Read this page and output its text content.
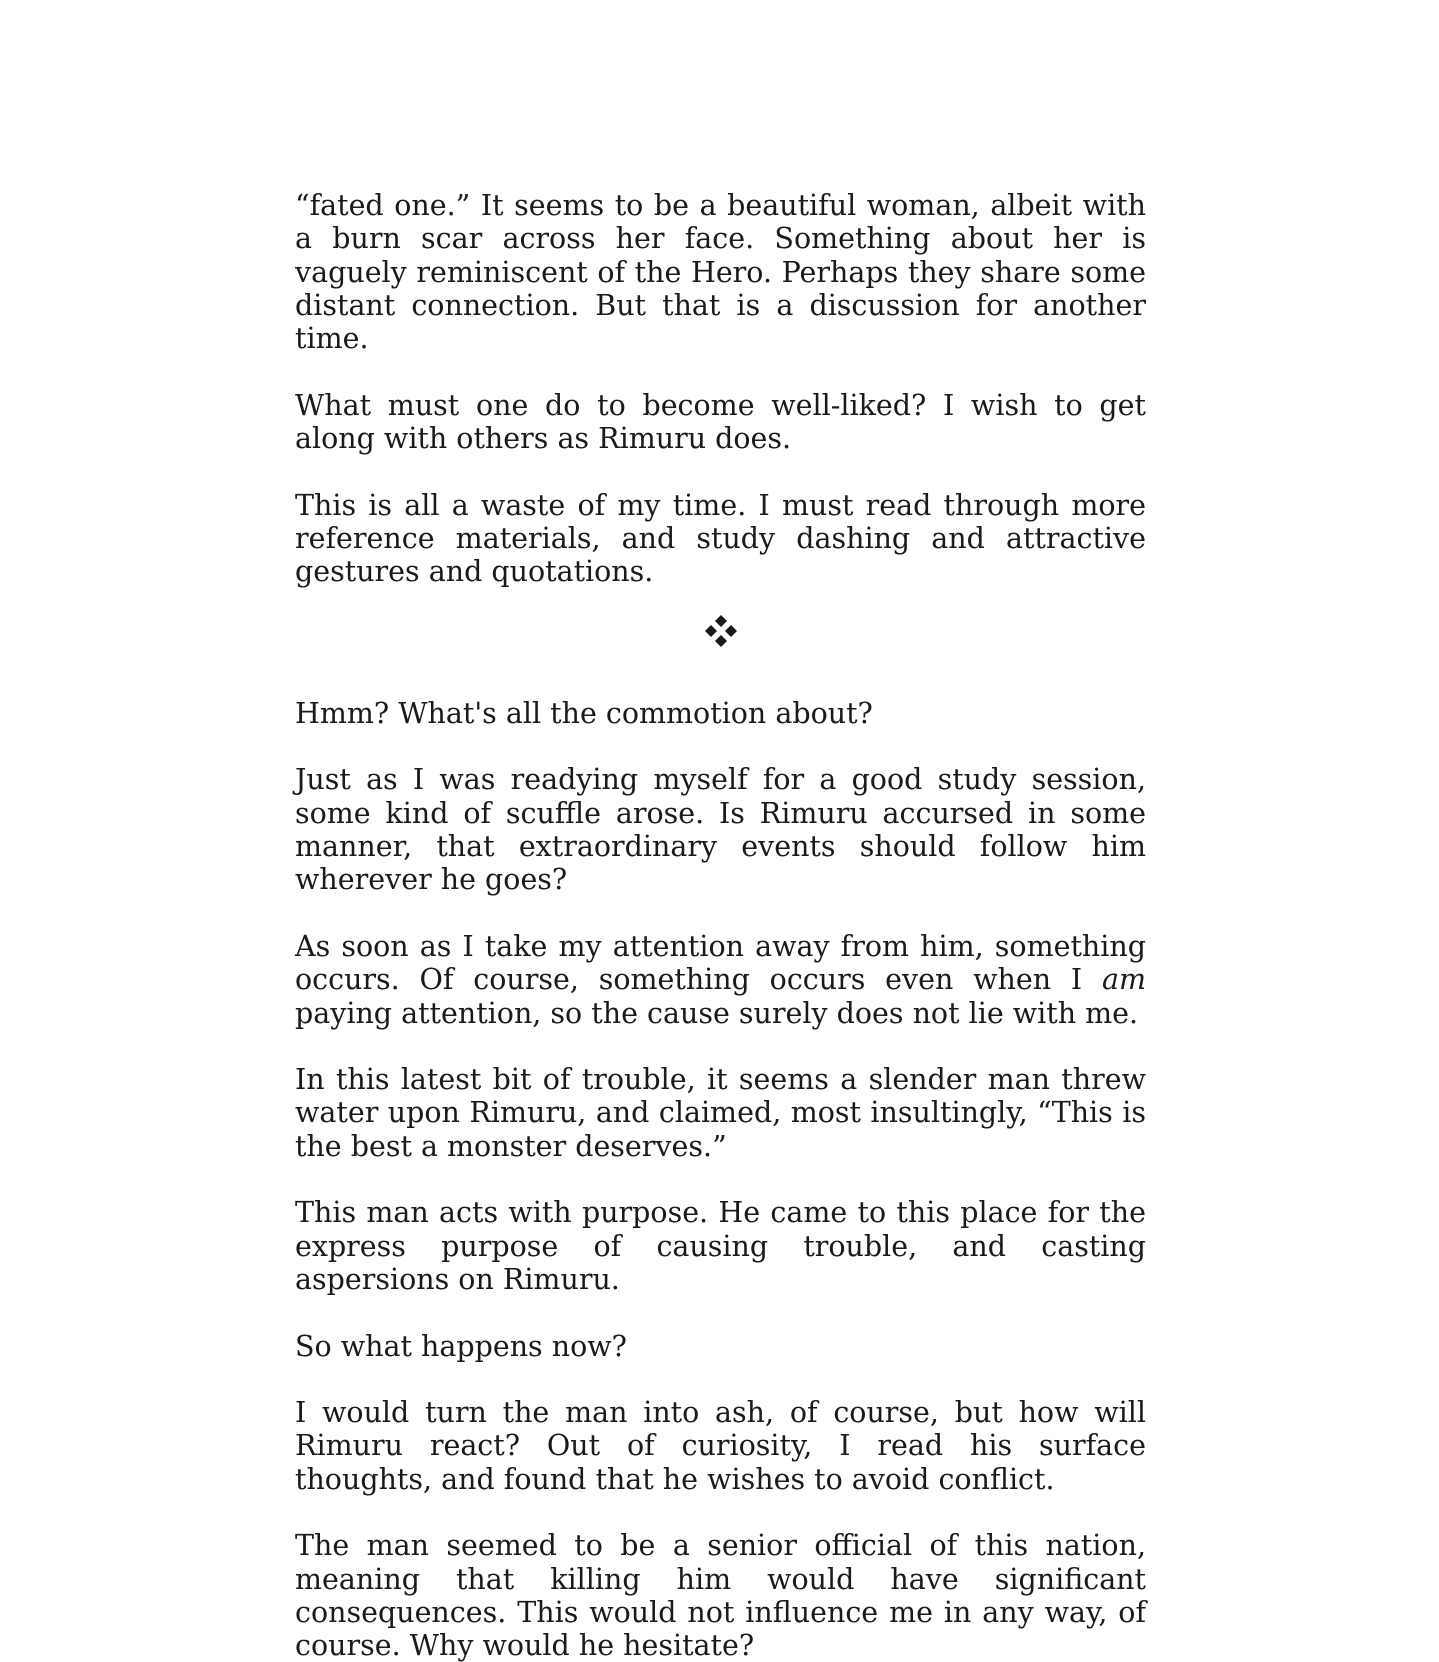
“fated one.” It seems to be a beautiful woman, albeit with a burn scar across her face. Something about her is vaguely reminiscent of the Hero. Perhaps they share some distant connection. But that is a discussion for another time.

What must one do to become well-liked? I wish to get along with others as Rimuru does.

This is all a waste of my time. I must read through more reference materials, and study dashing and attractive gestures and quotations.

Hmm? What's all the commotion about?

Just as I was readying myself for a good study session, some kind of scuffle arose. Is Rimuru accursed in some manner, that extraordinary events should follow him wherever he goes?

As soon as I take my attention away from him, something occurs. Of course, something occurs even when I am paying attention, so the cause surely does not lie with me.

In this latest bit of trouble, it seems a slender man threw water upon Rimuru, and claimed, most insultingly, “This is the best a monster deserves.”

This man acts with purpose. He came to this place for the express purpose of causing trouble, and casting aspersions on Rimuru.

So what happens now?

I would turn the man into ash, of course, but how will Rimuru react? Out of curiosity, I read his surface thoughts, and found that he wishes to avoid conflict.

The man seemed to be a senior official of this nation, meaning that killing him would have significant consequences. This would not influence me in any way, of course. Why would he hesitate?
